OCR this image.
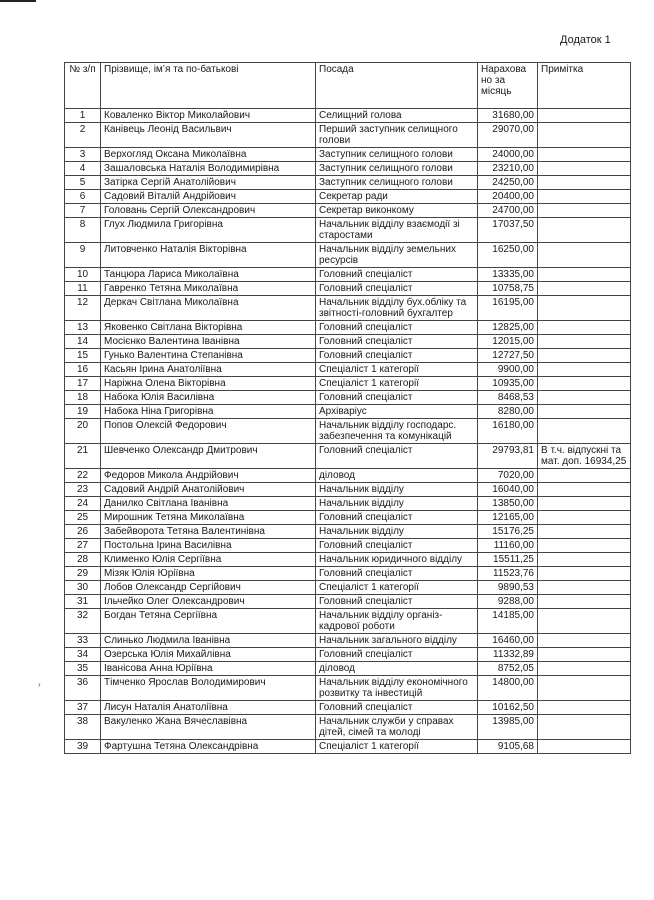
Додаток 1
›
№ з/п	Прізвище, ім’я та по-батькові	Посада	Нарахова но за місяць	Примітка
1	Коваленко Віктор Миколайович	Селищний голова	31680,00	
2	Канівець Леонід Васильвич	Перший заступник селищного голови	29070,00	
3	Верхогляд Оксана Миколаївна	Заступник селищного голови	24000,00	
4	Зашаловська Наталія Володимирівна	Заступник селищного голови	23210,00	
5	Затірка Сергій Анатолійович	Заступник селищного голови	24250,00	
6	Садовий Віталій Андрійович	Секретар ради	20400,00	
7	Головань Сергій Олександрович	Секретар виконкому	24700,00	
8	Глух Людмила Григорівна	Начальник відділу взаємодії зі старостами	17037,50	
9	Литовченко Наталія Вікторівна	Начальник відділу земельних ресурсів	16250,00	
10	Танцюра Лариса Миколаївна	Головний спеціаліст	13335,00	
11	Гавренко Тетяна Миколаївна	Головний спеціаліст	10758,75	
12	Деркач Світлана Миколаївна	Начальник відділу бух.обліку та звітності-головний бухгалтер	16195,00	
13	Яковенко Світлана Вікторівна	Головний спеціаліст	12825,00	
14	Мосієнко Валентина Іванівна	Головний спеціаліст	12015,00	
15	Гунько Валентина Степанівна	Головний спеціаліст	12727,50	
16	Касьян Ірина Анатоліївна	Спеціаліст 1 категорії	9900,00	
17	Наріжна Олена Вікторівна	Спеціаліст 1 категорії	10935,00	
18	Набока Юлія Василівна	Головний спеціаліст	8468,53	
19	Набока Ніна Григорівна	Архіваріус	8280,00	
20	Попов Олексій Федорович	Начальник відділу господарс. забезпечення та комунікацій	16180,00	
21	Шевченко Олександр Дмитрович	Головний спеціаліст	29793,81	В т.ч. відпускні та мат. доп. 16934,25
22	Федоров Микола Андрійович	діловод	7020,00	
23	Садовий Андрій Анатолійович	Начальник відділу	16040,00	
24	Данилко Світлана Іванівна	Начальник відділу	13850,00	
25	Мирошник Тетяна Миколаївна	Головний спеціаліст	12165,00	
26	Забейворота Тетяна Валентинівна	Начальник відділу	15176,25	
27	Постольна Ірина Василівна	Головний спеціаліст	11160,00	
28	Клименко Юлія Сергіївна	Начальник юридичного відділу	15511,25	
29	Мізяк Юлія Юріївна	Головний спеціаліст	11523,76	
30	Лобов Олександр Сергійович	Спеціаліст 1 категорії	9890,53	
31	Ільчейко Олег Олександрович	Головний спеціаліст	9288,00	
32	Богдан Тетяна Сергіївна	Начальник відділу організ-кадрової роботи	14185,00	
33	Слинько Людмила Іванівна	Начальник загального відділу	16460,00	
34	Озерська Юлія Михайлівна	Головний спеціаліст	11332,89	
35	Іванісова Анна Юріївна	діловод	8752,05	
36	Тімченко Ярослав Володимирович	Начальник відділу економічного розвитку та інвестицій	14800,00	
37	Лисун Наталія Анатоліївна	Головний спеціаліст	10162,50	
38	Вакуленко Жана Вячеславівна	Начальник служби у справах дітей, сімей та молоді	13985,00	
39	Фартушна Тетяна Олександрівна	Спеціаліст 1 категорії	9105,68	
